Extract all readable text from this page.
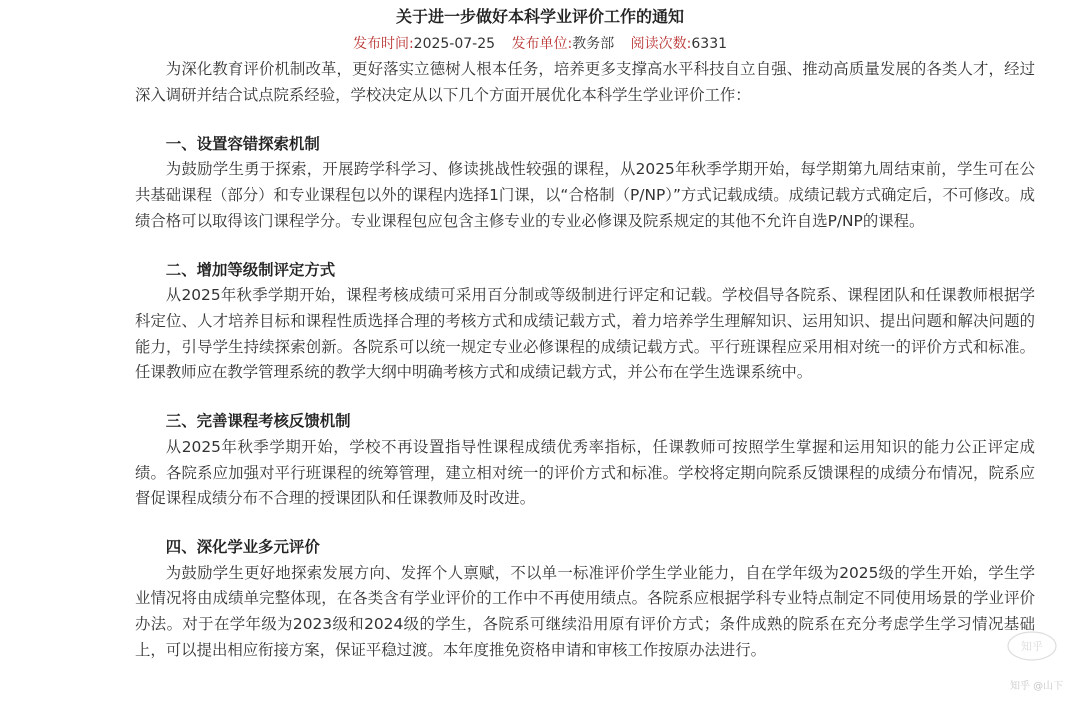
关于进一步做好本科学业评价工作的通知
发布时间:2025-07-25 发布单位:教务部 阅读次数:6331

为深化教育评价机制改革，更好落实立德树人根本任务，培养更多支撑高水平科技自立自强、推动高质量发展的各类人才，经过深入调研并结合试点院系经验，学校决定从以下几个方面开展优化本科学生学业评价工作：

一、设置容错探索机制

为鼓励学生勇于探索，开展跨学科学习、修读挑战性较强的课程，从2025年秋季学期开始，每学期第九周结束前，学生可在公共基础课程（部分）和专业课程包以外的课程内选择1门课，以“合格制（P/NP）”方式记载成绩。成绩记载方式确定后，不可修改。成绩合格可以取得该门课程学分。专业课程包应包含主修专业的专业必修课及院系规定的其他不允许自选P/NP的课程。

二、增加等级制评定方式

从2025年秋季学期开始，课程考核成绩可采用百分制或等级制进行评定和记载。学校倡导各院系、课程团队和任课教师根据学科定位、人才培养目标和课程性质选择合理的考核方式和成绩记载方式，着力培养学生理解知识、运用知识、提出问题和解决问题的能力，引导学生持续探索创新。各院系可以统一规定专业必修课程的成绩记载方式。平行班课程应采用相对统一的评价方式和标准。任课教师应在教学管理系统的教学大纲中明确考核方式和成绩记载方式，并公布在学生选课系统中。

三、完善课程考核反馈机制

从2025年秋季学期开始，学校不再设置指导性课程成绩优秀率指标，任课教师可按照学生掌握和运用知识的能力公正评定成绩。各院系应加强对平行班课程的统筹管理，建立相对统一的评价方式和标准。学校将定期向院系反馈课程的成绩分布情况，院系应督促课程成绩分布不合理的授课团队和任课教师及时改进。

四、深化学业多元评价

为鼓励学生更好地探索发展方向、发挥个人禀赋，不以单一标准评价学生学业能力，自在学年级为2025级的学生开始，学生学业情况将由成绩单完整体现，在各类含有学业评价的工作中不再使用绩点。各院系应根据学科专业特点制定不同使用场景的学业评价办法。对于在学年级为2023级和2024级的学生，各院系可继续沿用原有评价方式；条件成熟的院系在充分考虑学生学习情况基础上，可以提出相应衔接方案，保证平稳过渡。本年度推免资格申请和审核工作按原办法进行。	知乎
知乎 @山下
